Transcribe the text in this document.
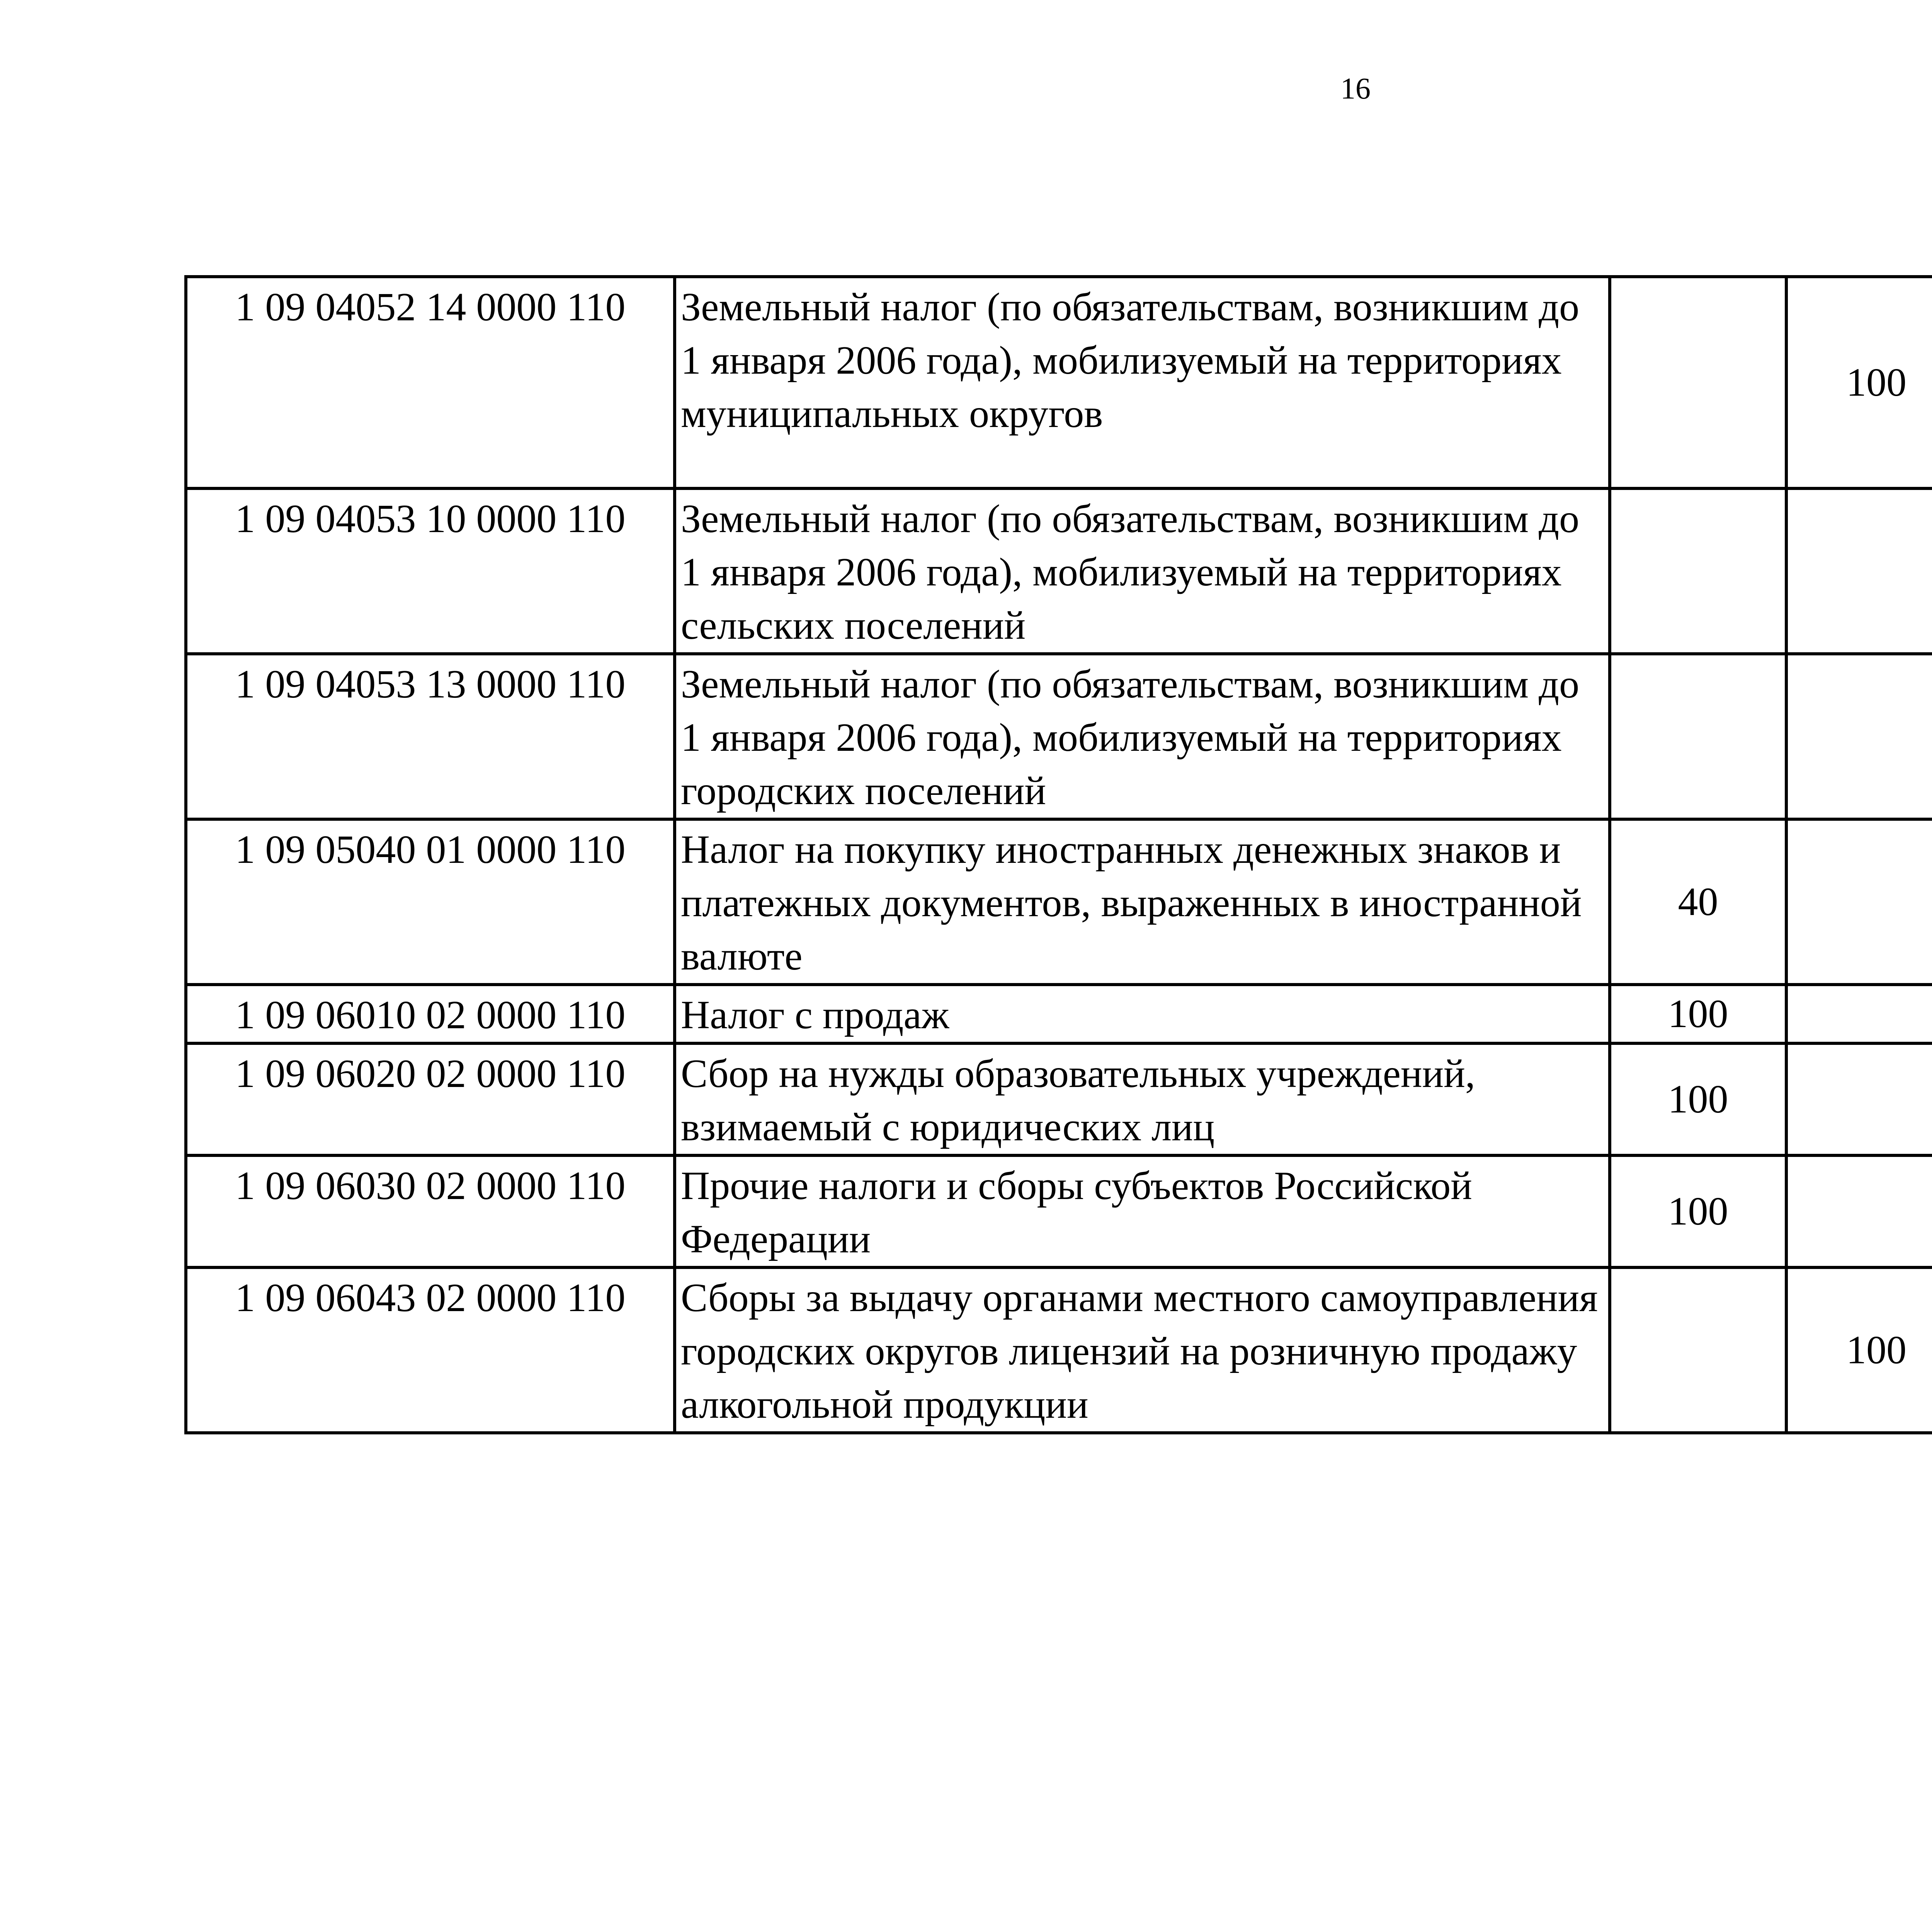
16
1 09 04052 14 0000 110	Земельный налог (по обязательствам, возникшим до 1 января 2006 года), мобилизуемый на территориях муниципальных округов		100			
1 09 04053 10 0000 110	Земельный налог (по обязательствам, возникшим до 1 января 2006 года), мобилизуемый на территориях сельских поселений					
1 09 04053 13 0000 110	Земельный налог (по обязательствам, возникшим до 1 января 2006 года), мобилизуемый на территориях городских поселений					
1 09 05040 01 0000 110	Налог на покупку иностранных денежных знаков и платежных документов, выраженных в иностранной валюте	40				
1 09 06010 02 0000 110	Налог с продаж	100				
1 09 06020 02 0000 110	Сбор на нужды образовательных учреждений, взимаемый с юридических лиц	100				
1 09 06030 02 0000 110	Прочие налоги и сборы субъектов Российской Федерации	100				
1 09 06043 02 0000 110	Сборы за выдачу органами местного самоуправления городских округов лицензий на розничную продажу алкогольной продукции		100			
